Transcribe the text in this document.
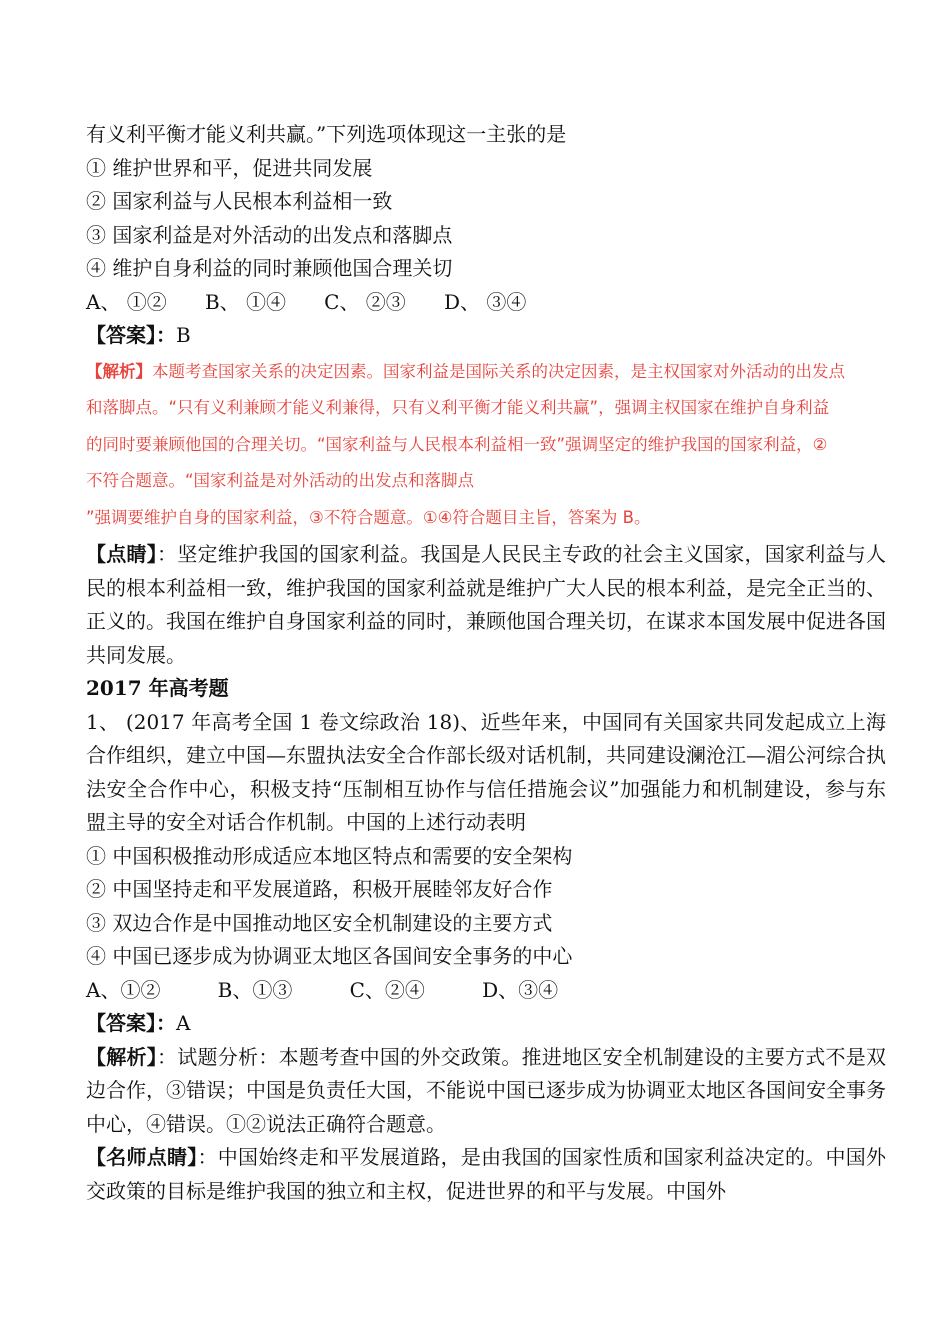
有义利平衡才能义利共赢。”下列选项体现这一主张的是
① 维护世界和平，促进共同发展
② 国家利益与人民根本利益相一致
③ 国家利益是对外活动的出发点和落脚点
④ 维护自身利益的同时兼顾他国合理关切
A、 ①②      B、 ①④      C、 ②③      D、 ③④
【答案】：B
【解析】本题考查国家关系的决定因素。国家利益是国际关系的决定因素，是主权国家对外活动的出发点
和落脚点。“只有义利兼顾才能义利兼得，只有义利平衡才能义利共赢”，强调主权国家在维护自身利益
的同时要兼顾他国的合理关切。“国家利益与人民根本利益相一致”强调坚定的维护我国的国家利益，②
不符合题意。“国家利益是对外活动的出发点和落脚点
”强调要维护自身的国家利益，③不符合题意。①④符合题目主旨，答案为 B。
【点睛】：坚定维护我国的国家利益。我国是人民民主专政的社会主义国家，国家利益与人民的根本利益相一致，维护我国的国家利益就是维护广大人民的根本利益，是完全正当的、正义的。我国在维护自身国家利益的同时，兼顾他国合理关切，在谋求本国发展中促进各国共同发展。
2017 年高考题
1、 (2017 年高考全国 1 卷文综政治 18)、近些年来，中国同有关国家共同发起成立上海合作组织，建立中国—东盟执法安全合作部长级对话机制，共同建设澜沧江—湄公河综合执法安全合作中心，积极支持“压制相互协作与信任措施会议”加强能力和机制建设，参与东盟主导的安全对话合作机制。中国的上述行动表明
① 中国积极推动形成适应本地区特点和需要的安全架构
② 中国坚持走和平发展道路，积极开展睦邻友好合作
③ 双边合作是中国推动地区安全机制建设的主要方式
④ 中国已逐步成为协调亚太地区各国间安全事务的中心
A、①②         B、①③         C、②④         D、③④
【答案】：A
【解析】：试题分析：本题考查中国的外交政策。推进地区安全机制建设的主要方式不是双边合作，③错误；中国是负责任大国，不能说中国已逐步成为协调亚太地区各国间安全事务中心，④错误。①②说法正确符合题意。
【名师点睛】：中国始终走和平发展道路，是由我国的国家性质和国家利益决定的。中国外交政策的目标是维护我国的独立和主权，促进世界的和平与发展。中国外
